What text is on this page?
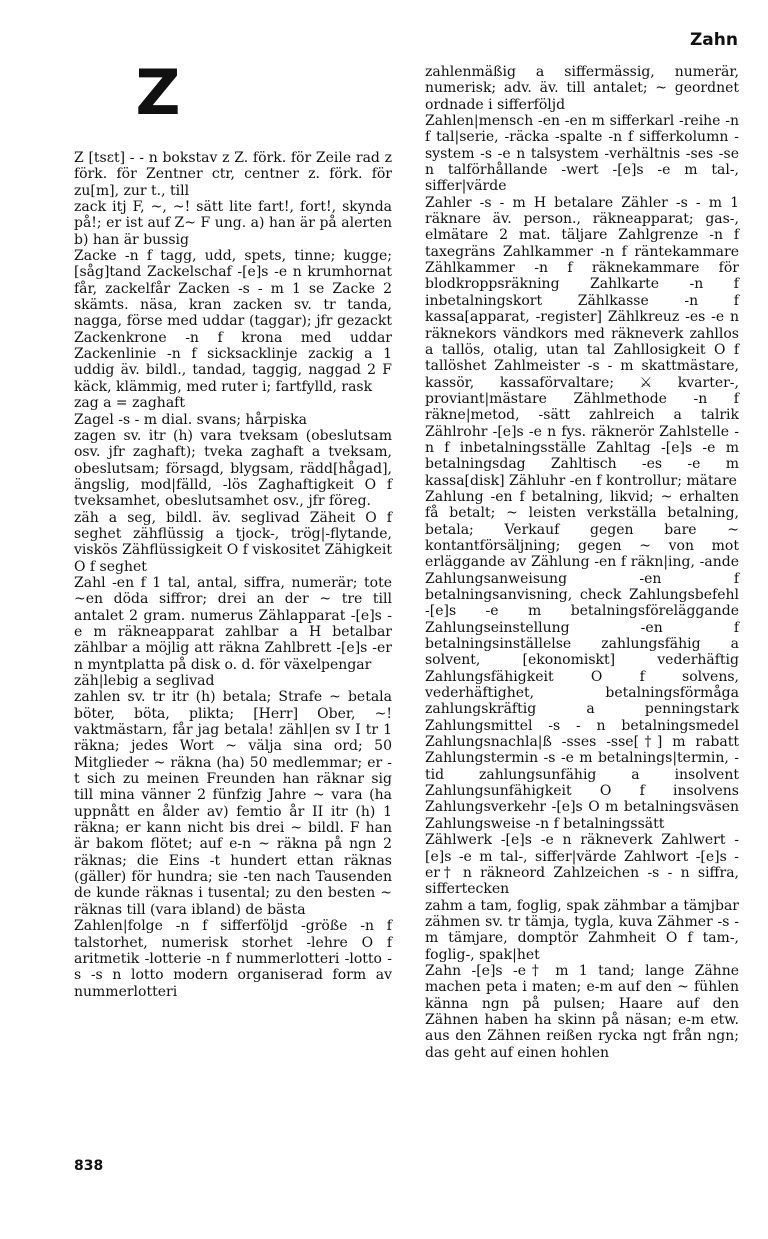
Zahn
Z

Z [tsɛt] - - n bokstav z Z. förk. för Zeile rad z förk. för Zentner ctr, centner z. förk. för zu[m], zur t., till

zack itj F, ~, ~! sätt lite fart!, fort!, skynda på!; er ist auf Z~ F ung. a) han är på alerten b) han är bussig

Zacke -n f tagg, udd, spets, tinne; kugge; [såg]tand Zackelschaf -[e]s -e n krumhornat får, zackelfår Zacken -s - m 1 se Zacke 2 skämts. näsa, kran zacken sv. tr tanda, nagga, förse med uddar (taggar); jfr gezackt Zackenkrone -n f krona med uddar Zackenlinie -n f sicksacklinje zackig a 1 uddig äv. bildl., tandad, taggig, naggad 2 F käck, klämmig, med ruter i; fartfylld, rask

zag a = zaghaft

Zagel -s - m dial. svans; hårpiska

zagen sv. itr (h) vara tveksam (obeslutsam osv. jfr zaghaft); tveka zaghaft a tveksam, obeslutsam; försagd, blygsam, rädd[hågad], ängslig, mod|fälld, -lös Zaghaftigkeit O f tveksamhet, obeslutsamhet osv., jfr föreg.

zäh a seg, bildl. äv. seglivad Zäheit O f seghet zähflüssig a tjock-, trög|-flytande, viskös Zähflüssigkeit O f viskositet Zähigkeit O f seghet

Zahl -en f 1 tal, antal, siffra, numerär; tote ~en döda siffror; drei an der ~ tre till antalet 2 gram. numerus Zählapparat -[e]s -e m räkneapparat zahlbar a H betalbar zählbar a möjlig att räkna Zahlbrett -[e]s -er n myntplatta på disk o. d. för växelpengar

zäh|lebig a seglivad

zahlen sv. tr itr (h) betala; Strafe ~ betala böter, böta, plikta; [Herr] Ober, ~! vaktmästarn, får jag betala! zähl|en sv I tr 1 räkna; jedes Wort ~ välja sina ord; 50 Mitglieder ~ räkna (ha) 50 medlemmar; er -t sich zu meinen Freunden han räknar sig till mina vänner 2 fünfzig Jahre ~ vara (ha uppnått en ålder av) femtio år II itr (h) 1 räkna; er kann nicht bis drei ~ bildl. F han är bakom flötet; auf e-n ~ räkna på ngn 2 räknas; die Eins -t hundert ettan räknas (gäller) för hundra; sie -ten nach Tausenden de kunde räknas i tusental; zu den besten ~ räknas till (vara ibland) de bästa

Zahlen|folge -n f sifferföljd -größe -n f talstorhet, numerisk storhet -lehre O f aritmetik -lotterie -n f nummerlotteri -lotto -s -s n lotto modern organiserad form av nummerlotteri

zahlenmäßig a siffermässig, numerär, numerisk; adv. äv. till antalet; ~ geordnet ordnade i sifferföljd

Zahlen|mensch -en -en m sifferkarl -reihe -n f tal|serie, -räcka -spalte -n f sifferkolumn -system -s -e n talsystem -verhältnis -ses -se n talförhållande -wert -[e]s -e m tal-, siffer|värde

Zahler -s - m H betalare Zähler -s - m 1 räknare äv. person., räkneapparat; gas-, elmätare 2 mat. täljare Zahlgrenze -n f taxegräns Zahlkammer -n f räntekammare Zählkammer -n f räknekammare för blodkroppsräkning Zahlkarte -n f inbetalningskort Zählkasse -n f kassa[apparat, -register] Zählkreuz -es -e n räknekors vändkors med räkneverk zahllos a tallös, otalig, utan tal Zahllosigkeit O f tallöshet Zahlmeister -s - m skattmästare, kassör, kassaförvaltare; ⚔ kvarter-, proviant|mästare Zählmethode -n f räkne|metod, -sätt zahlreich a talrik Zählrohr -[e]s -e n fys. räknerör Zahlstelle -n f inbetalningsställe Zahltag -[e]s -e m betalningsdag Zahltisch -es -e m kassa[disk] Zähluhr -en f kontrollur; mätare

Zahlung -en f betalning, likvid; ~ erhalten få betalt; ~ leisten verkställa betalning, betala; Verkauf gegen bare ~ kontantförsäljning; gegen ~ von mot erläggande av Zählung -en f räkn|ing, -ande Zahlungsanweisung -en f betalningsanvisning, check Zahlungsbefehl -[e]s -e m betalningsföreläggande Zahlungseinstellung -en f betalningsinställelse zahlungsfähig a solvent, [ekonomiskt] vederhäftig Zahlungsfähigkeit O f solvens, vederhäftighet, betalningsförmåga zahlungskräftig a penningstark Zahlungsmittel -s - n betalningsmedel Zahlungsnachla|ß -sses -sse[†] m rabatt Zahlungstermin -s -e m betalnings|termin, -tid zahlungsunfähig a insolvent Zahlungsunfähigkeit O f insolvens Zahlungsverkehr -[e]s O m betalningsväsen Zahlungsweise -n f betalningssätt

Zählwerk -[e]s -e n räkneverk Zahlwert -[e]s -e m tal-, siffer|värde Zahlwort -[e]s -er† n räkneord Zahlzeichen -s - n siffra, siffertecken

zahm a tam, foglig, spak zähmbar a tämjbar zähmen sv. tr tämja, tygla, kuva Zähmer -s - m tämjare, domptör Zahmheit O f tam-, foglig-, spak|het

Zahn -[e]s -e† m 1 tand; lange Zähne machen peta i maten; e-m auf den ~ fühlen känna ngn på pulsen; Haare auf den Zähnen haben ha skinn på näsan; e-m etw. aus den Zähnen reißen rycka ngt från ngn; das geht auf einen hohlen

838
